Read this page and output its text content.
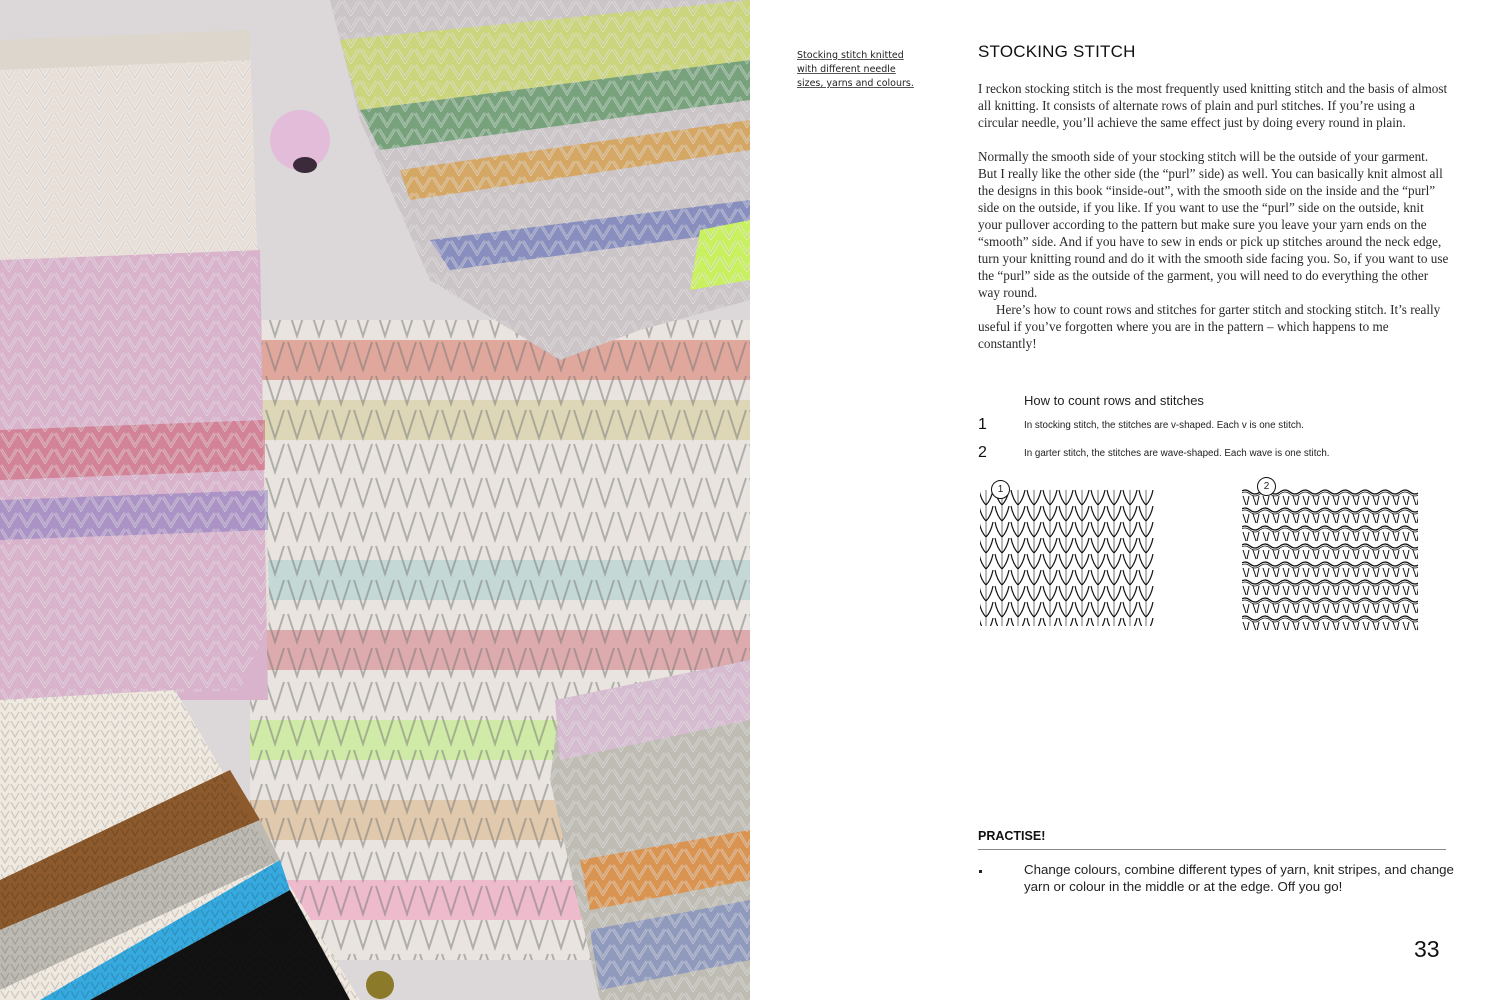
Stocking stitch knitted with different needle sizes, yarns and colours.
STOCKING STITCH

I reckon stocking stitch is the most frequently used knitting stitch and the basis of almost all knitting. It consists of alternate rows of plain and purl stitches. If you’re using a circular needle, you’ll achieve the same effect just by doing every round in plain.

Normally the smooth side of your stocking stitch will be the outside of your garment. But I really like the other side (the “purl” side) as well. You can basically knit almost all the designs in this book “inside-out”, with the smooth side on the inside and the “purl” side on the outside, if you like. If you want to use the “purl” side on the outside, knit your pullover according to the pattern but make sure you leave your yarn ends on the “smooth” side. And if you have to sew in ends or pick up stitches around the neck edge, turn your knitting round and do it with the smooth side facing you. So, if you want to use the “purl” side as the outside of the garment, you will need to do everything the other way round.

Here’s how to count rows and stitches for garter stitch and stocking stitch. It’s really useful if you’ve forgotten where you are in the pattern – which happens to me constantly!

How to count rows and stitches
1	In stocking stitch, the stitches are v-shaped. Each v is one stitch.
2	In garter stitch, the stitches are wave-shaped. Each wave is one stitch.
1	2
PRACTISE!
Change colours, combine different types of yarn, knit stripes, and change yarn or colour in the middle or at the edge. Off you go!
33
